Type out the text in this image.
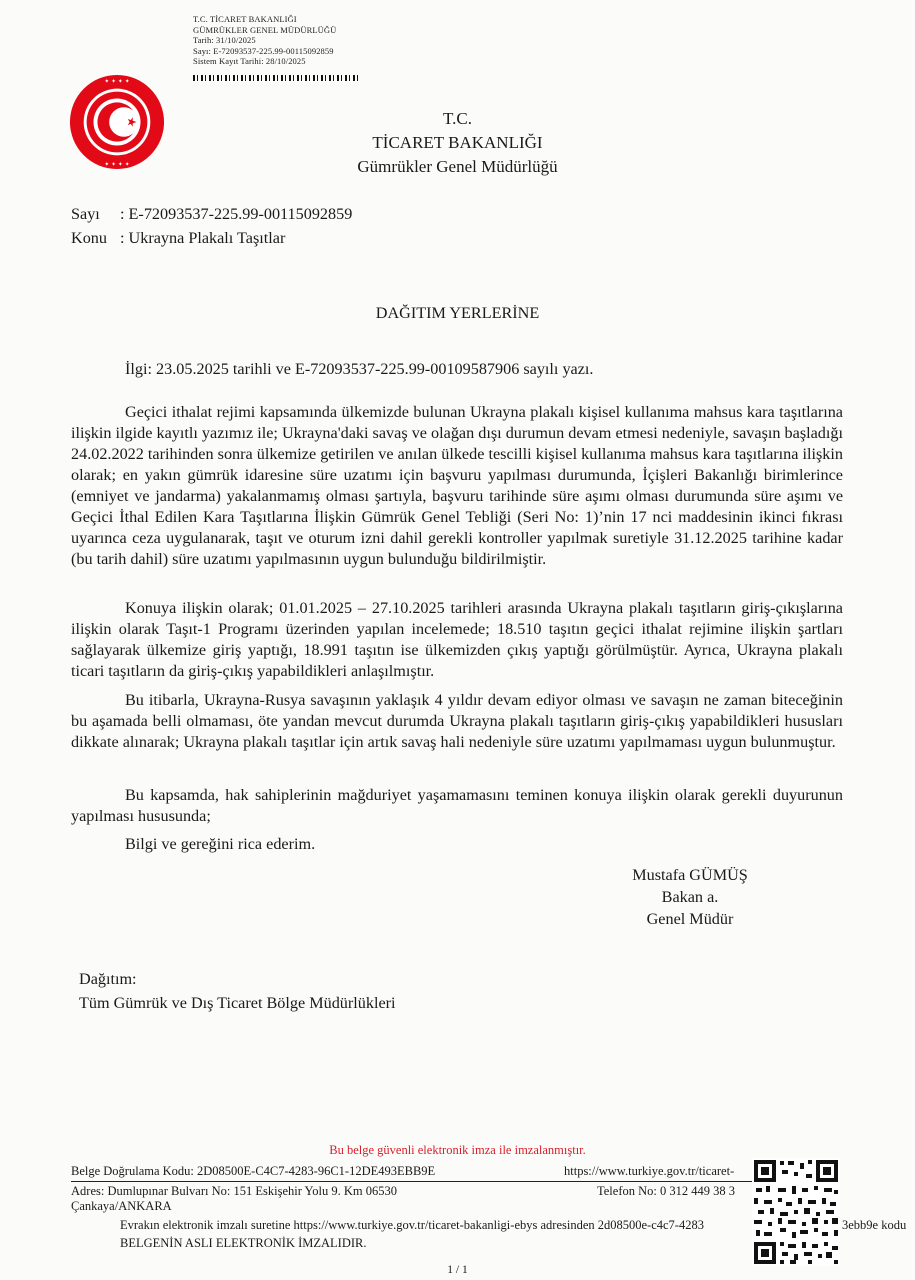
T.C. TİCARET BAKANLIĞI
GÜMRÜKLER GENEL MÜDÜRLÜĞÜ
Tarih: 31/10/2025
Sayı: E-72093537-225.99-00115092859
Sistem Kayıt Tarihi: 28/10/2025
✦ ✦ ✦ ✦
✦ ✦ ✦ ✦
T.C.
TİCARET BAKANLIĞI
Gümrükler Genel Müdürlüğü
Sayı : E-72093537-225.99-00115092859
Konu : Ukrayna Plakalı Taşıtlar
DAĞITIM YERLERİNE
İlgi: 23.05.2025 tarihli ve E-72093537-225.99-00109587906 sayılı yazı.
Geçici ithalat rejimi kapsamında ülkemizde bulunan Ukrayna plakalı kişisel kullanıma mahsus kara taşıtlarına ilişkin ilgide kayıtlı yazımız ile; Ukrayna'daki savaş ve olağan dışı durumun devam etmesi nedeniyle, savaşın başladığı 24.02.2022 tarihinden sonra ülkemize getirilen ve anılan ülkede tescilli kişisel kullanıma mahsus kara taşıtlarına ilişkin olarak; en yakın gümrük idaresine süre uzatımı için başvuru yapılması durumunda, İçişleri Bakanlığı birimlerince (emniyet ve jandarma) yakalanmamış olması şartıyla, başvuru tarihinde süre aşımı olması durumunda süre aşımı ve Geçici İthal Edilen Kara Taşıtlarına İlişkin Gümrük Genel Tebliği (Seri No: 1)’nin 17 nci maddesinin ikinci fıkrası uyarınca ceza uygulanarak, taşıt ve oturum izni dahil gerekli kontroller yapılmak suretiyle 31.12.2025 tarihine kadar (bu tarih dahil) süre uzatımı yapılmasının uygun bulunduğu bildirilmiştir.
Konuya ilişkin olarak; 01.01.2025 – 27.10.2025 tarihleri arasında Ukrayna plakalı taşıtların giriş-çıkışlarına ilişkin olarak Taşıt-1 Programı üzerinden yapılan incelemede; 18.510 taşıtın geçici ithalat rejimine ilişkin şartları sağlayarak ülkemize giriş yaptığı, 18.991 taşıtın ise ülkemizden çıkış yaptığı görülmüştür. Ayrıca, Ukrayna plakalı ticari taşıtların da giriş-çıkış yapabildikleri anlaşılmıştır.
Bu itibarla, Ukrayna-Rusya savaşının yaklaşık 4 yıldır devam ediyor olması ve savaşın ne zaman biteceğinin bu aşamada belli olmaması, öte yandan mevcut durumda Ukrayna plakalı taşıtların giriş-çıkış yapabildikleri hususları dikkate alınarak; Ukrayna plakalı taşıtlar için artık savaş hali nedeniyle süre uzatımı yapılmaması uygun bulunmuştur.
Bu kapsamda, hak sahiplerinin mağduriyet yaşamamasını teminen konuya ilişkin olarak gerekli duyurunun yapılması hususunda;
Bilgi ve gereğini rica ederim.
Mustafa GÜMÜŞ
Bakan a.
Genel Müdür
Dağıtım:
Tüm Gümrük ve Dış Ticaret Bölge Müdürlükleri
Bu belge güvenli elektronik imza ile imzalanmıştır.
Belge Doğrulama Kodu: 2D08500E-C4C7-4283-96C1-12DE493EBB9E	https://www.turkiye.gov.tr/ticaret-
Adres: Dumlupınar Bulvarı No: 151 Eskişehir Yolu 9. Km 06530	Telefon No: 0 312 449 38 3
Çankaya/ANKARA
Evrakın elektronik imzalı suretine https://www.turkiye.gov.tr/ticaret-bakanligi-ebys adresinden 2d08500e-c4c7-4283	3ebb9e kodu
BELGENİN ASLI ELEKTRONİK İMZALIDIR.
1 / 1
